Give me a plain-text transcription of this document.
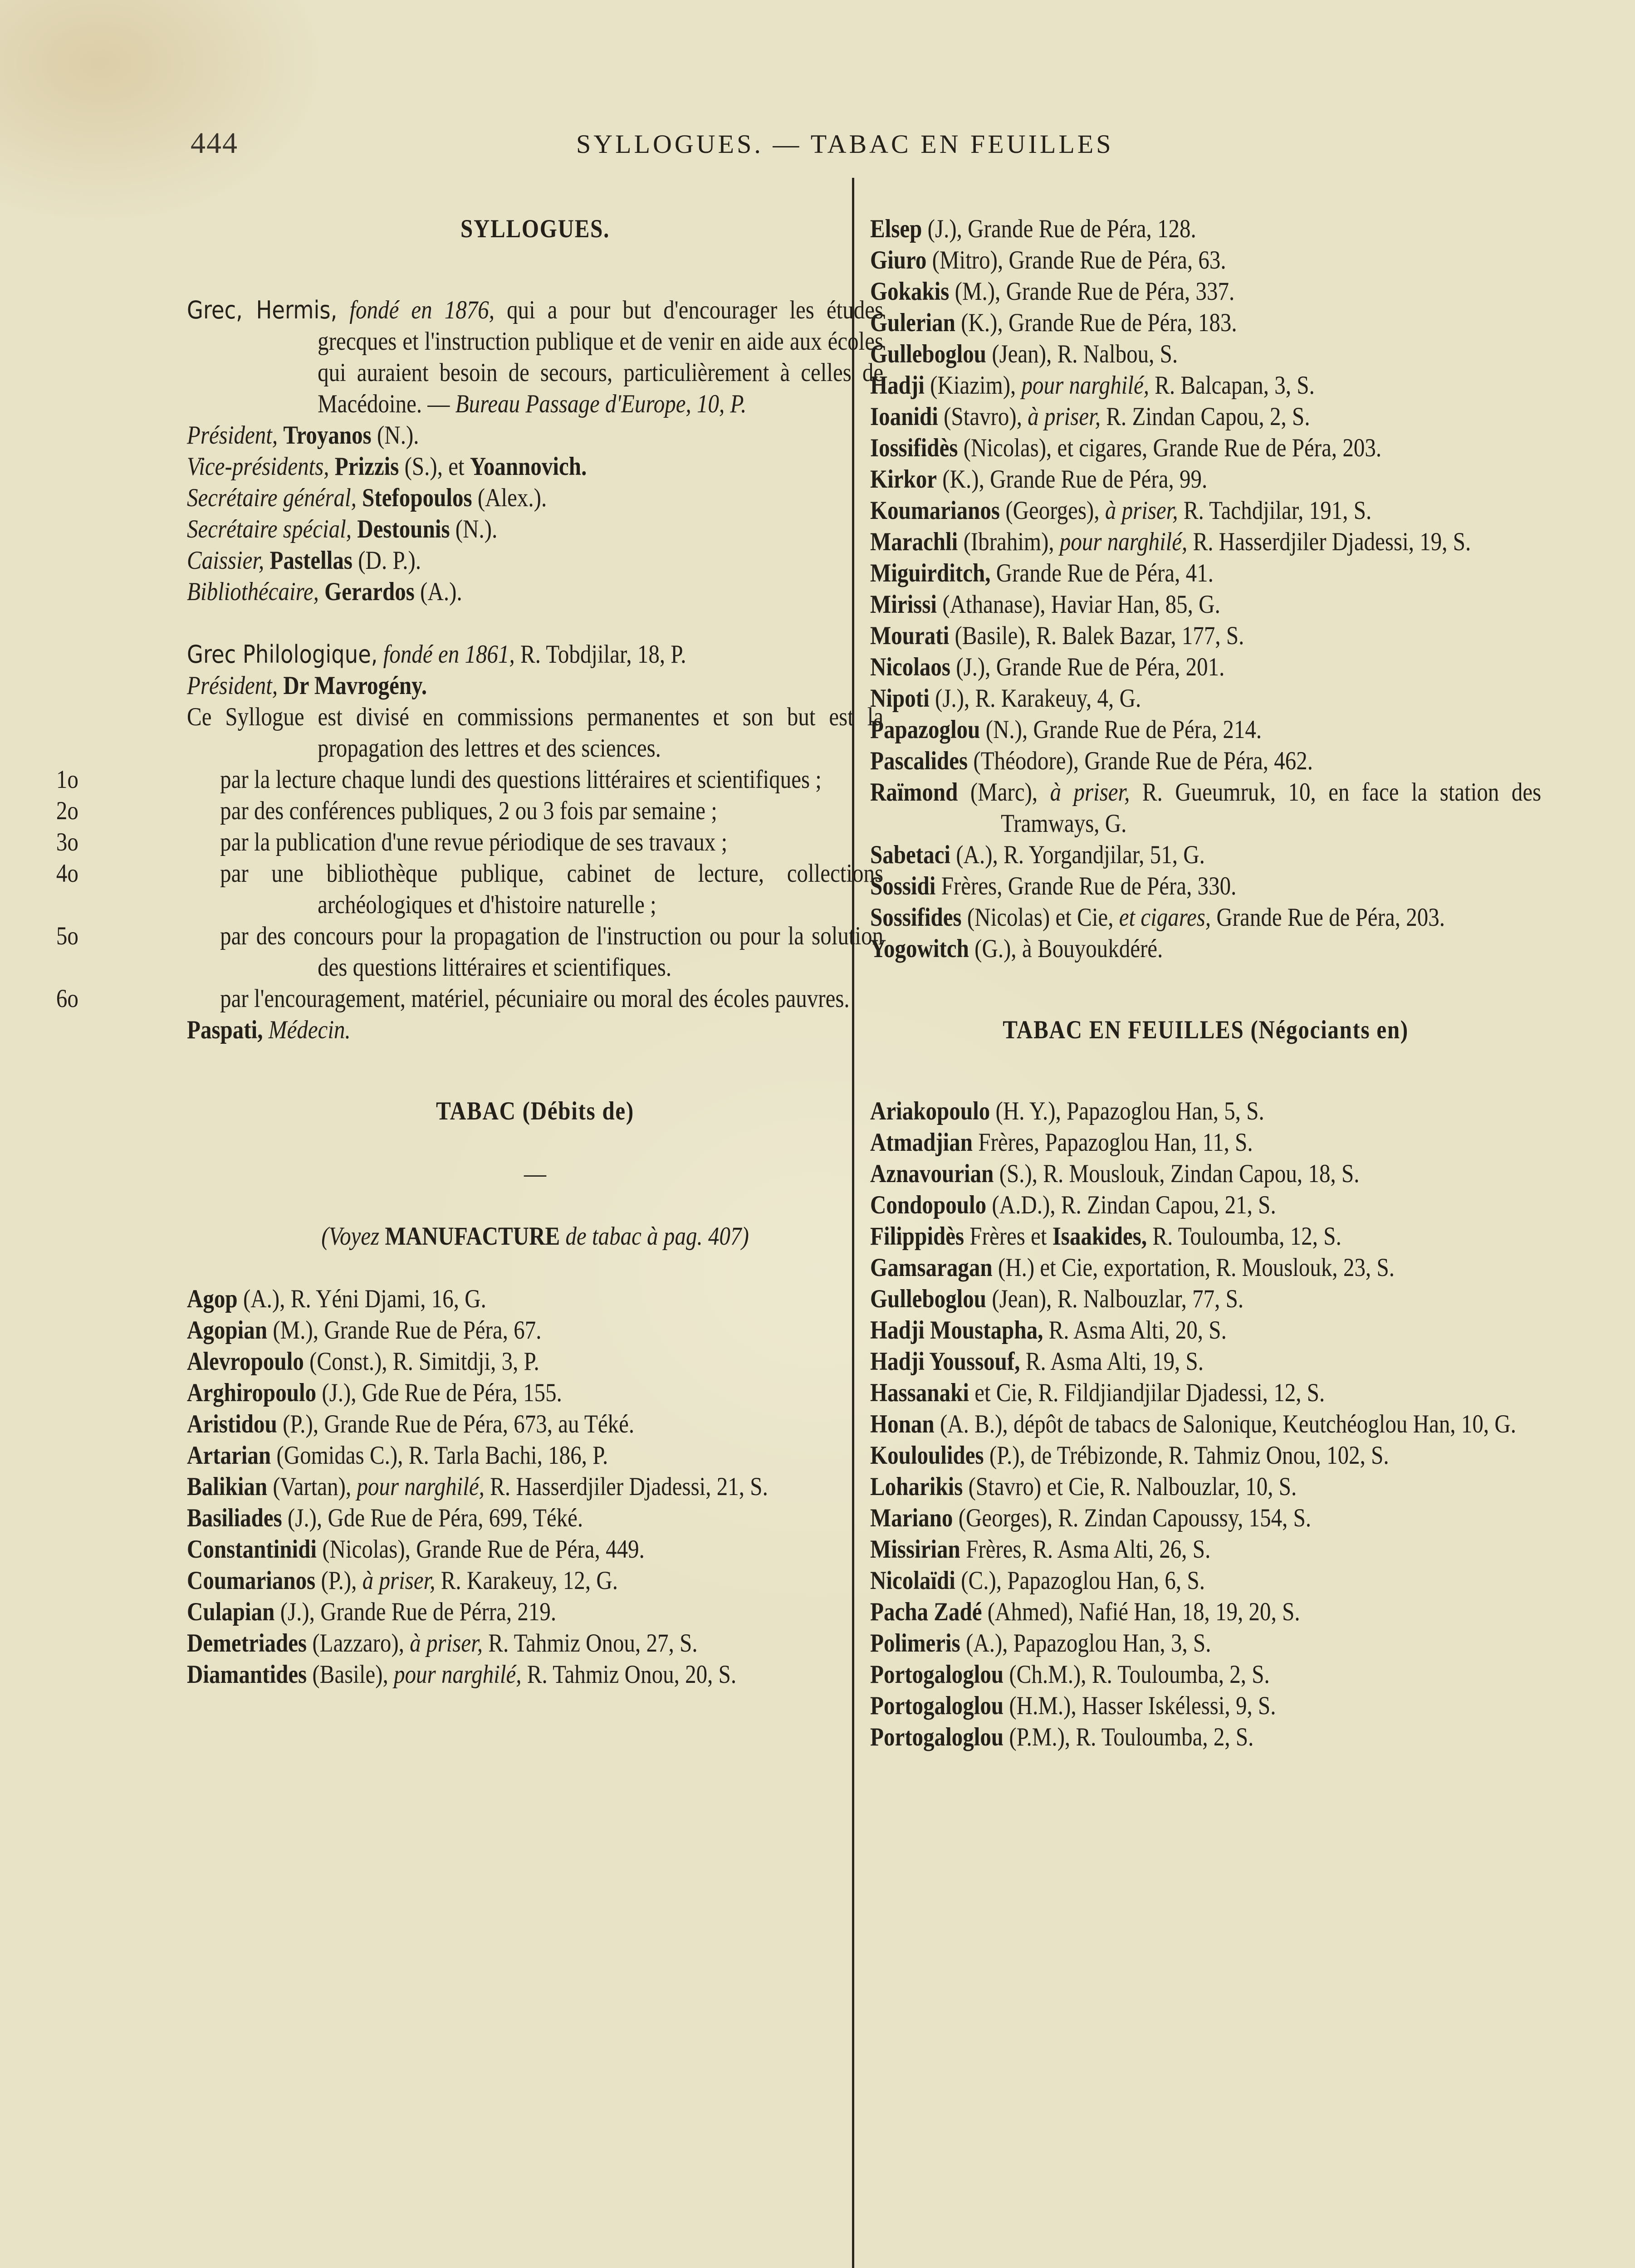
444	SYLLOGUES. — TABAC EN FEUILLES
SYLLOGUES.
Grec, Hermis, fondé en 1876, qui a pour but d'encourager les études grecques et l'instruction publique et de venir en aide aux écoles qui auraient besoin de secours, particulièrement à celles de Macédoine. — Bureau Passage d'Europe, 10, P.
Président, Troyanos (N.).
Vice-présidents, Prizzis (S.), et Yoannovich.
Secrétaire général, Stefopoulos (Alex.).
Secrétaire spécial, Destounis (N.).
Caissier, Pastellas (D. P.).
Bibliothécaire, Gerardos (A.).
Grec Philologique, fondé en 1861, R. Tobdjilar, 18, P.
Président, Dr Mavrogény.
Ce Syllogue est divisé en commissions permanentes et son but est la propagation des lettres et des sciences.
1o	par la lecture chaque lundi des questions littéraires et scientifiques ;
2o	par des conférences publiques, 2 ou 3 fois par semaine ;
3o	par la publication d'une revue périodique de ses travaux ;
4o	par une bibliothèque publique, cabinet de lecture, collections archéologiques et d'histoire naturelle ;
5o	par des concours pour la propagation de l'instruction ou pour la solution des questions littéraires et scientifiques.
6o	par l'encouragement, matériel, pécuniaire ou moral des écoles pauvres.
Paspati, Médecin.
TABAC (Débits de)
—
(Voyez MANUFACTURE de tabac à pag. 407)
Agop (A.), R. Yéni Djami, 16, G.
Agopian (M.), Grande Rue de Péra, 67.
Alevropoulo (Const.), R. Simitdji, 3, P.
Arghiropoulo (J.), Gde Rue de Péra, 155.
Aristidou (P.), Grande Rue de Péra, 673, au Téké.
Artarian (Gomidas C.), R. Tarla Bachi, 186, P.
Balikian (Vartan), pour narghilé, R. Hasserdjiler Djadessi, 21, S.
Basiliades (J.), Gde Rue de Péra, 699, Téké.
Constantinidi (Nicolas), Grande Rue de Péra, 449.
Coumarianos (P.), à priser, R. Karakeuy, 12, G.
Culapian (J.), Grande Rue de Pérra, 219.
Demetriades (Lazzaro), à priser, R. Tahmiz Onou, 27, S.
Diamantides (Basile), pour narghilé, R. Tahmiz Onou, 20, S.
Elsep (J.), Grande Rue de Péra, 128.
Giuro (Mitro), Grande Rue de Péra, 63.
Gokakis (M.), Grande Rue de Péra, 337.
Gulerian (K.), Grande Rue de Péra, 183.
Gulleboglou (Jean), R. Nalbou, S.
Hadji (Kiazim), pour narghilé, R. Balcapan, 3, S.
Ioanidi (Stavro), à priser, R. Zindan Capou, 2, S.
Iossifidès (Nicolas), et cigares, Grande Rue de Péra, 203.
Kirkor (K.), Grande Rue de Péra, 99.
Koumarianos (Georges), à priser, R. Tachdjilar, 191, S.
Marachli (Ibrahim), pour narghilé, R. Hasserdjiler Djadessi, 19, S.
Miguirditch, Grande Rue de Péra, 41.
Mirissi (Athanase), Haviar Han, 85, G.
Mourati (Basile), R. Balek Bazar, 177, S.
Nicolaos (J.), Grande Rue de Péra, 201.
Nipoti (J.), R. Karakeuy, 4, G.
Papazoglou (N.), Grande Rue de Péra, 214.
Pascalides (Théodore), Grande Rue de Péra, 462.
Raïmond (Marc), à priser, R. Gueumruk, 10, en face la station des Tramways, G.
Sabetaci (A.), R. Yorgandjilar, 51, G.
Sossidi Frères, Grande Rue de Péra, 330.
Sossifides (Nicolas) et Cie, et cigares, Grande Rue de Péra, 203.
Yogowitch (G.), à Bouyoukdéré.
TABAC EN FEUILLES (Négociants en)
Ariakopoulo (H. Y.), Papazoglou Han, 5, S.
Atmadjian Frères, Papazoglou Han, 11, S.
Aznavourian (S.), R. Mouslouk, Zindan Capou, 18, S.
Condopoulo (A.D.), R. Zindan Capou, 21, S.
Filippidès Frères et Isaakides, R. Touloumba, 12, S.
Gamsaragan (H.) et Cie, exportation, R. Mouslouk, 23, S.
Gulleboglou (Jean), R. Nalbouzlar, 77, S.
Hadji Moustapha, R. Asma Alti, 20, S.
Hadji Youssouf, R. Asma Alti, 19, S.
Hassanaki et Cie, R. Fildjiandjilar Djadessi, 12, S.
Honan (A. B.), dépôt de tabacs de Salonique, Keutchéoglou Han, 10, G.
Kouloulides (P.), de Trébizonde, R. Tahmiz Onou, 102, S.
Loharikis (Stavro) et Cie, R. Nalbouzlar, 10, S.
Mariano (Georges), R. Zindan Capoussy, 154, S.
Missirian Frères, R. Asma Alti, 26, S.
Nicolaïdi (C.), Papazoglou Han, 6, S.
Pacha Zadé (Ahmed), Nafié Han, 18, 19, 20, S.
Polimeris (A.), Papazoglou Han, 3, S.
Portogaloglou (Ch.M.), R. Touloumba, 2, S.
Portogaloglou (H.M.), Hasser Iskélessi, 9, S.
Portogaloglou (P.M.), R. Touloumba, 2, S.
